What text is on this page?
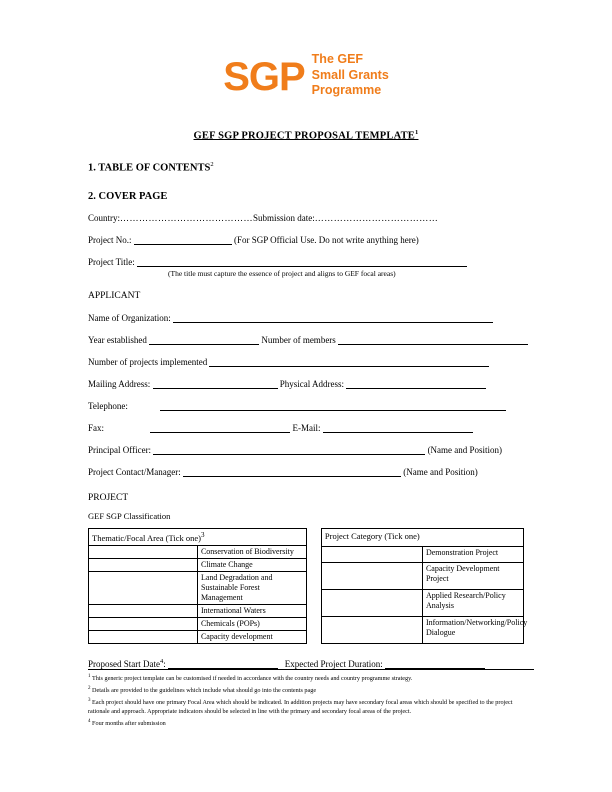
SGP The GEF
Small Grants
Programme
GEF SGP PROJECT PROPOSAL TEMPLATE$^1$
1. TABLE OF CONTENTS$^2$
2. COVER PAGE
Country:……………………………………Submission date:…………………………………
Project No.:	(For SGP Official Use. Do not write anything here)
Project Title:
(The title must capture the essence of project and aligns to GEF focal areas)
APPLICANT
Name of Organization:
Year established	Number of members
Number of projects implemented
Mailing Address:	Physical Address:
Telephone:
Fax:	E-Mail:
Principal Officer:	(Name and Position)
Project Contact/Manager:	(Name and Position)
PROJECT
GEF SGP Classification
Thematic/Focal Area (Tick one)$^3$
	Conservation of Biodiversity
	Climate Change
	Land Degradation and Sustainable Forest Management
	International Waters
	Chemicals (POPs)
	Capacity development
Project Category (Tick one)	
	Demonstration Project
	Capacity Development Project
	Applied Research/Policy Analysis
	Information/Networking/Policy Dialogue
Proposed Start Date$^4$:	Expected Project Duration:
$^1$ This generic project template can be customised if needed in accordance with the country needs and country programme strategy.
$^2$ Details are provided to the guidelines which include what should go into the contents page
$^3$ Each project should have one primary Focal Area which should be indicated. In addition projects may have secondary focal areas which should be specified to the project rationale and approach. Appropriate indicators should be selected in line with the primary and secondary focal areas of the project.
$^4$ Four months after submission
